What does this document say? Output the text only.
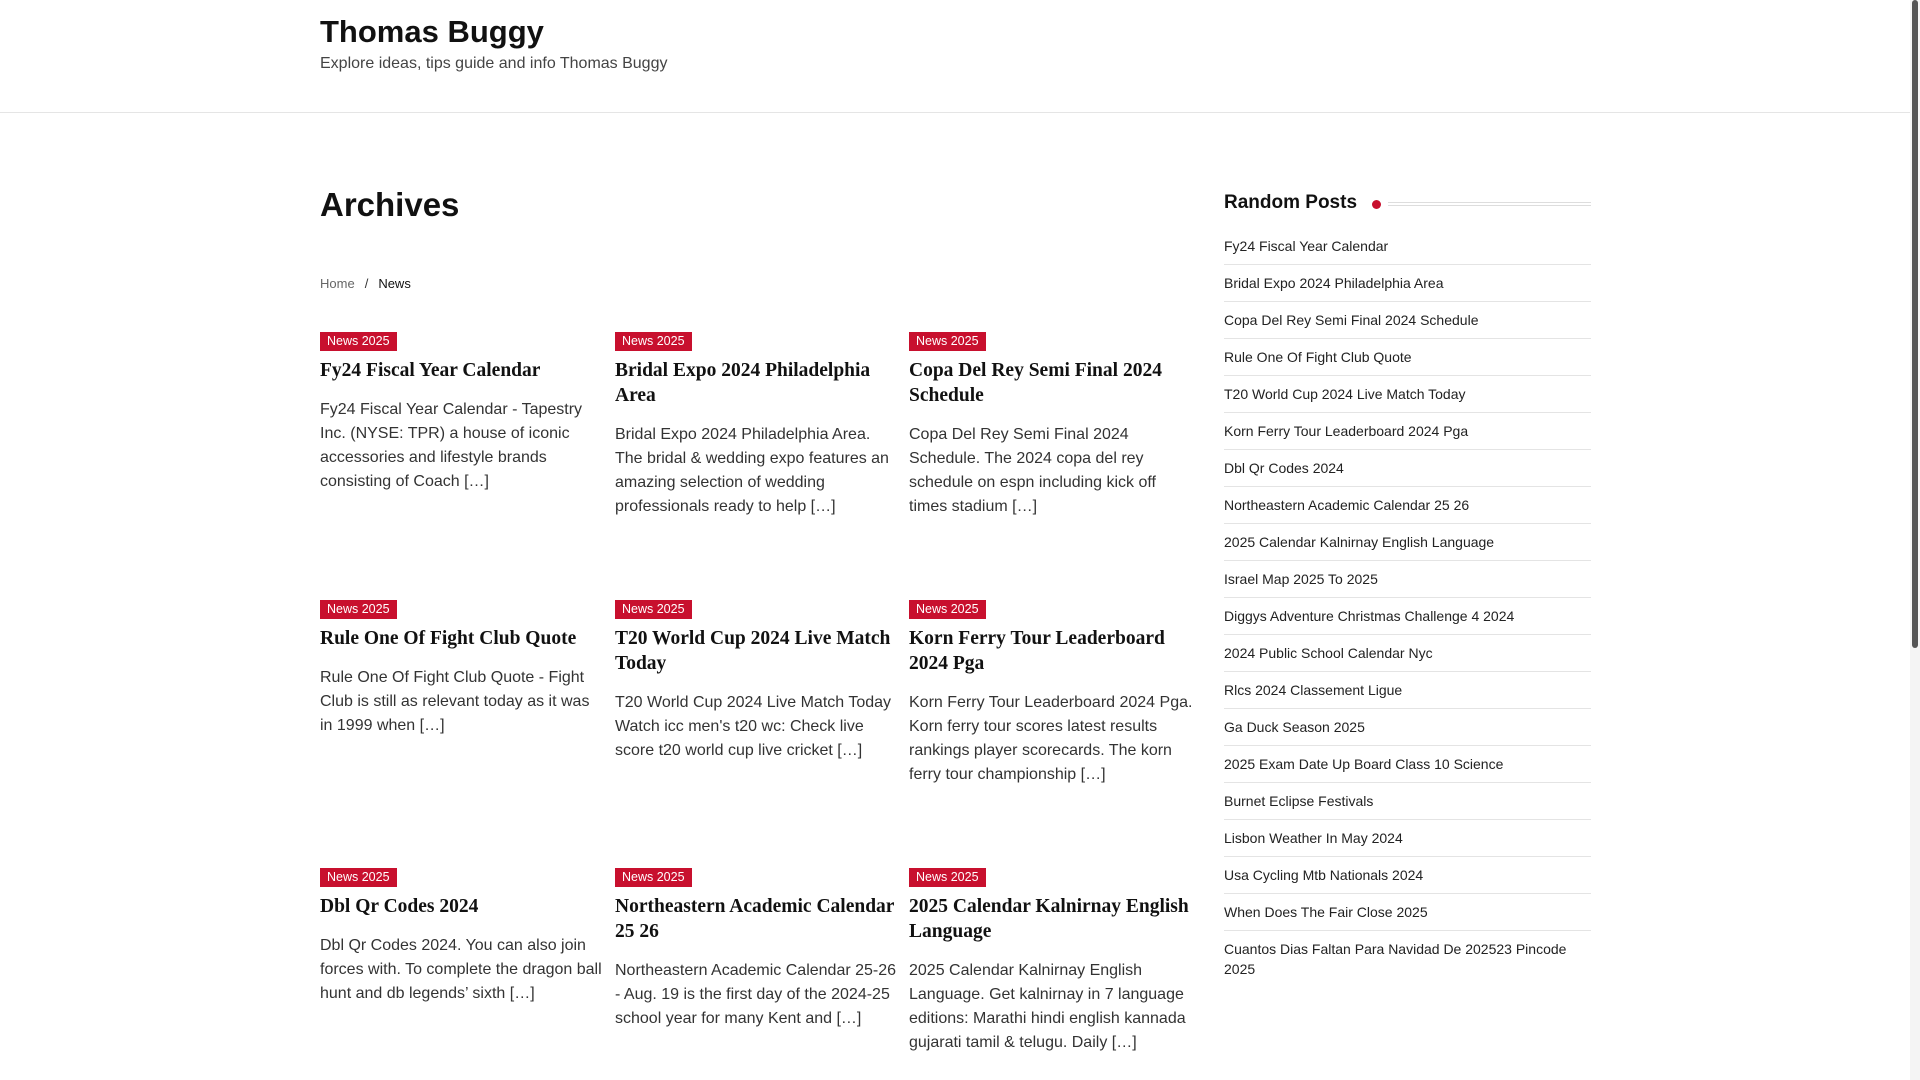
Thomas Buggy
Explore ideas, tips guide and info Thomas Buggy
Archives
Home / News
News 2025
Fy24 Fiscal Year Calendar
Fy24 Fiscal Year Calendar - Tapestry Inc. (NYSE: TPR) a house of iconic accessories and lifestyle brands consisting of Coach […]
News 2025
Bridal Expo 2024 Philadelphia Area
Bridal Expo 2024 Philadelphia Area. The bridal & wedding expo features an amazing selection of wedding professionals ready to help […]
News 2025
Copa Del Rey Semi Final 2024 Schedule
Copa Del Rey Semi Final 2024 Schedule. The 2024 copa del rey schedule on espn including kick off times stadium […]
News 2025
Rule One Of Fight Club Quote
Rule One Of Fight Club Quote - Fight Club is still as relevant today as it was in 1999 when […]
News 2025
T20 World Cup 2024 Live Match Today
T20 World Cup 2024 Live Match Today Watch icc men's t20 wc: Check live score t20 world cup live cricket […]
News 2025
Korn Ferry Tour Leaderboard 2024 Pga
Korn Ferry Tour Leaderboard 2024 Pga. Korn ferry tour scores latest results rankings player scorecards. The korn ferry tour championship […]
News 2025
Dbl Qr Codes 2024
Dbl Qr Codes 2024. You can also join forces with. To complete the dragon ball hunt and db legends’ sixth […]
News 2025
Northeastern Academic Calendar 25 26
Northeastern Academic Calendar 25-26 - Aug. 19 is the first day of the 2024-25 school year for many Kent and […]
News 2025
2025 Calendar Kalnirnay English Language
2025 Calendar Kalnirnay English Language. Get kalnirnay in 7 language editions: Marathi hindi english kannada gujarati tamil & telugu. Daily […]
Random Posts
Fy24 Fiscal Year Calendar
Bridal Expo 2024 Philadelphia Area
Copa Del Rey Semi Final 2024 Schedule
Rule One Of Fight Club Quote
T20 World Cup 2024 Live Match Today
Korn Ferry Tour Leaderboard 2024 Pga
Dbl Qr Codes 2024
Northeastern Academic Calendar 25 26
2025 Calendar Kalnirnay English Language
Israel Map 2025 To 2025
Diggys Adventure Christmas Challenge 4 2024
2024 Public School Calendar Nyc
Rlcs 2024 Classement Ligue
Ga Duck Season 2025
2025 Exam Date Up Board Class 10 Science
Burnet Eclipse Festivals
Lisbon Weather In May 2024
Usa Cycling Mtb Nationals 2024
When Does The Fair Close 2025
Cuantos Dias Faltan Para Navidad De 202523 Pincode 2025
